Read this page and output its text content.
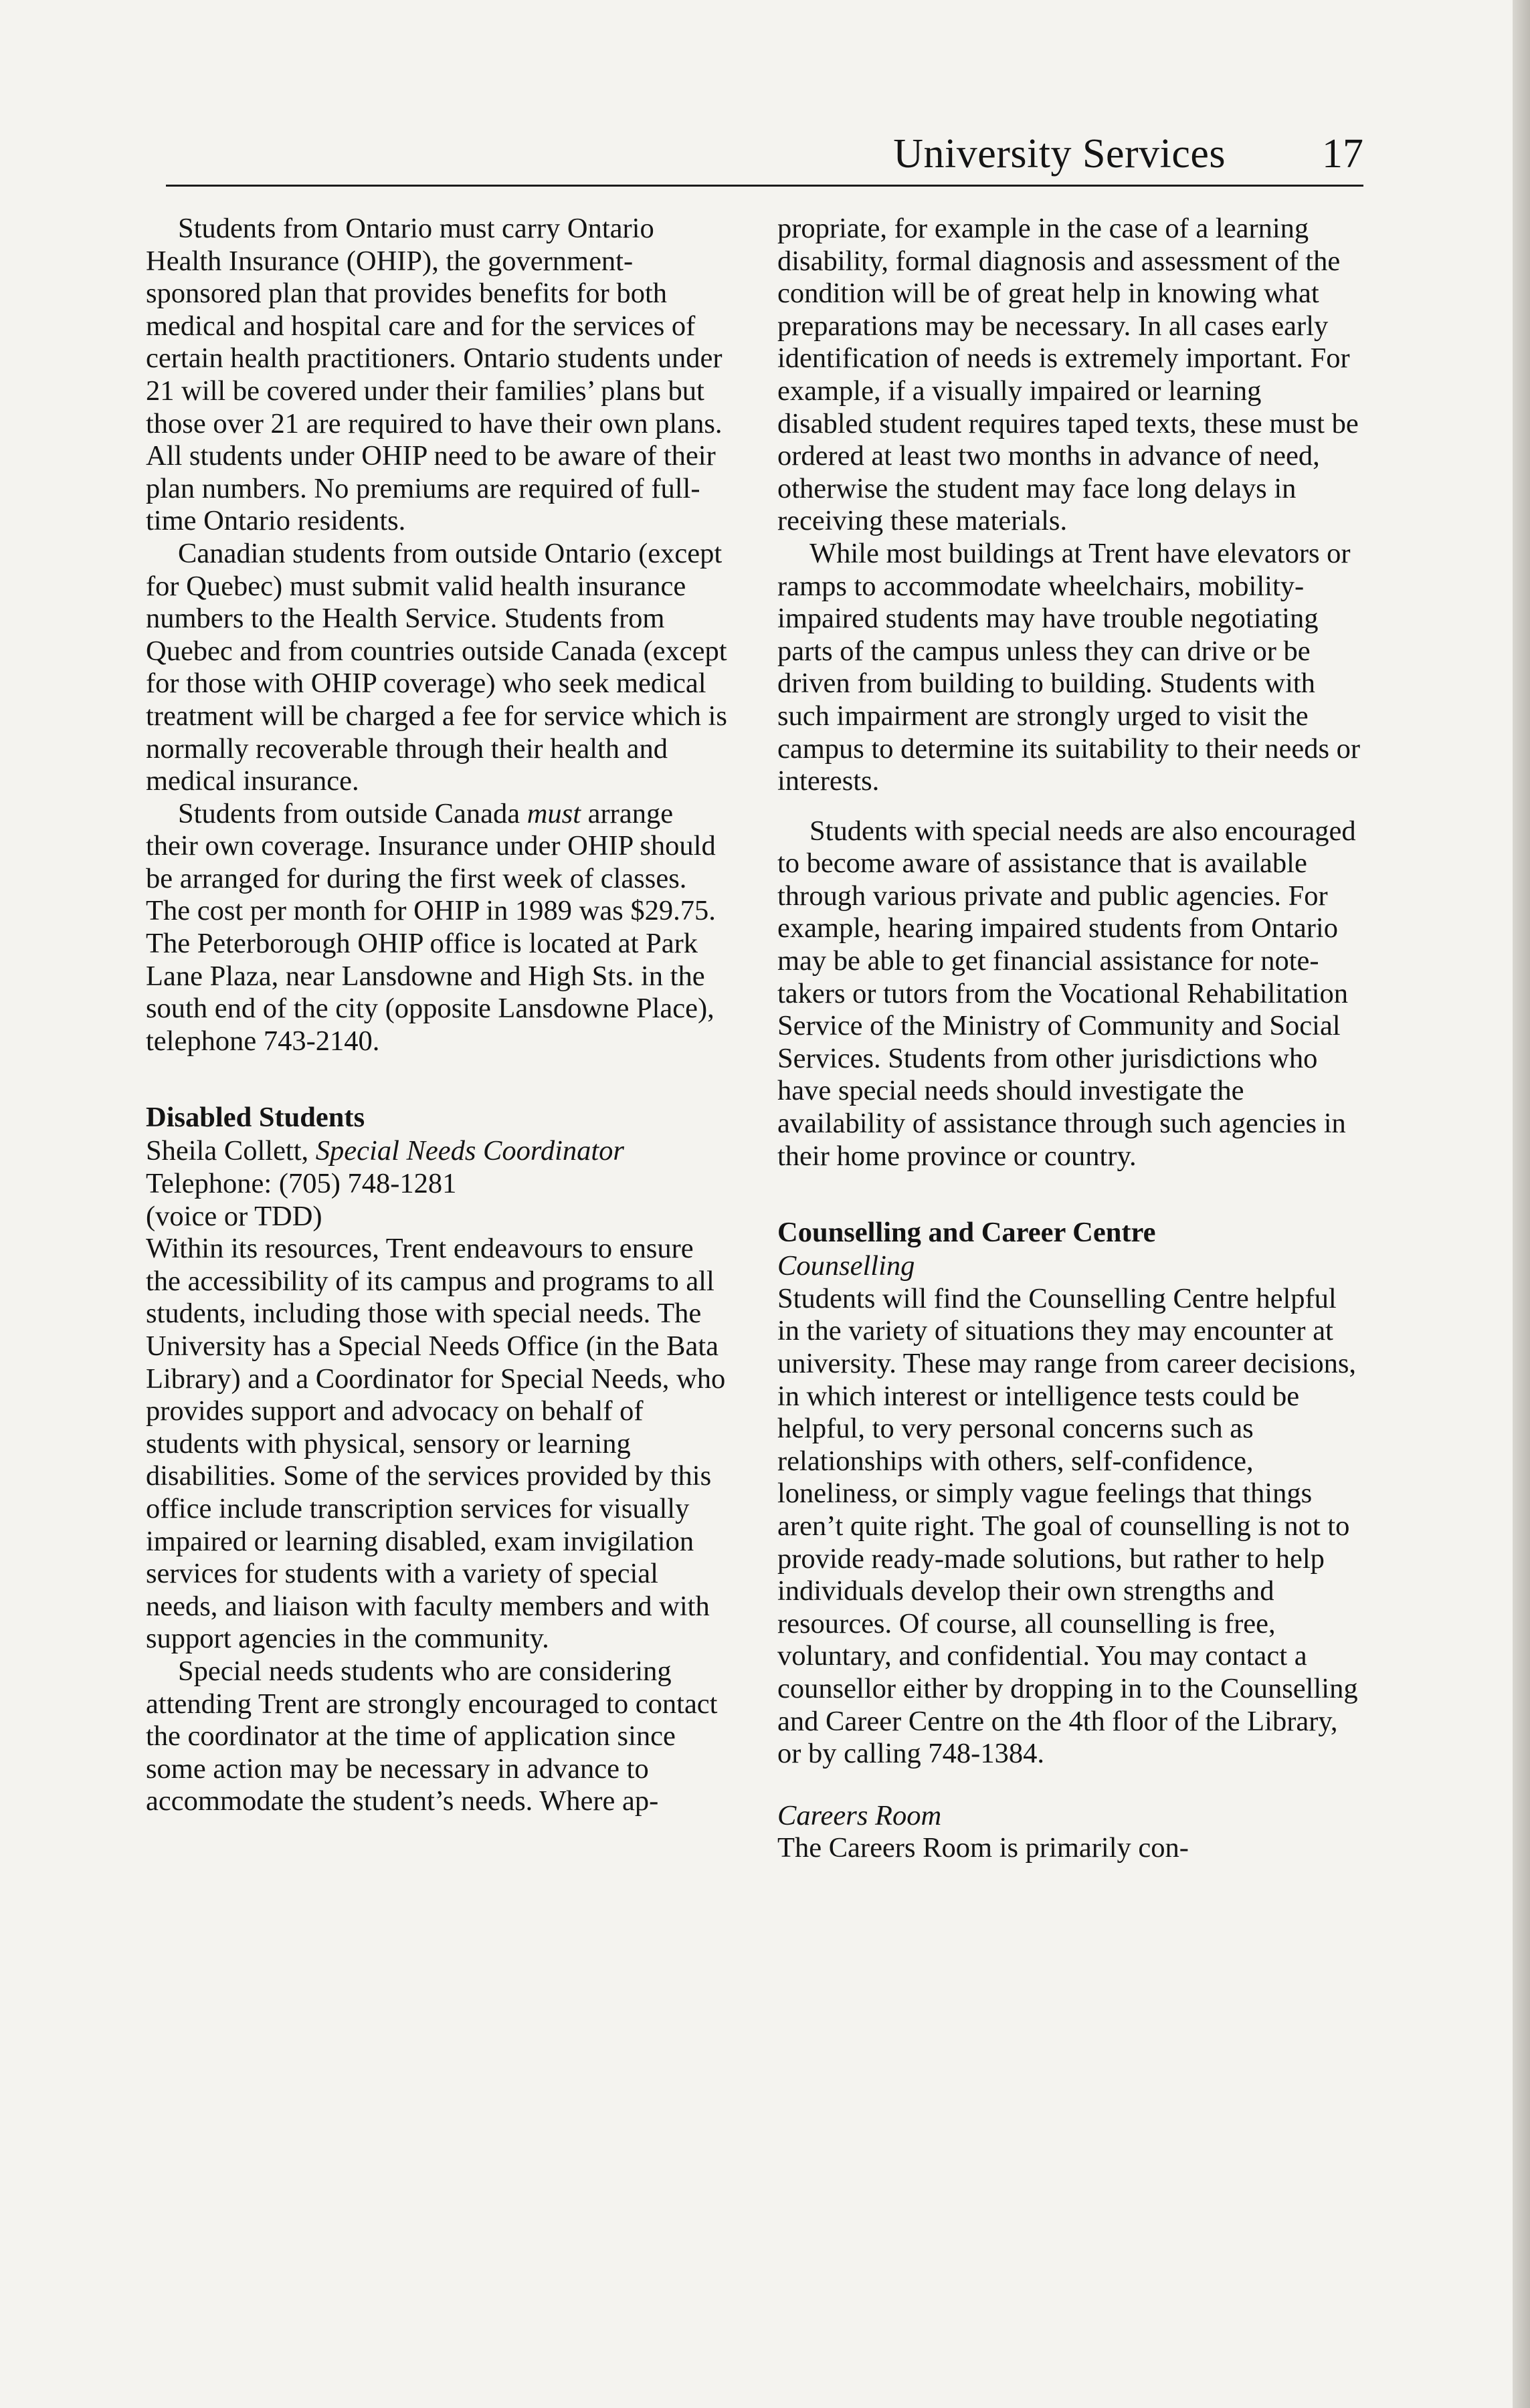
University Services 17

Students from Ontario must carry Ontario Health Insurance (OHIP), the government-sponsored plan that provides benefits for both medical and hospital care and for the services of certain health practitioners. Ontario students under 21 will be covered under their families’ plans but those over 21 are required to have their own plans. All students under OHIP need to be aware of their plan numbers. No premiums are required of full-time Ontario residents.

Canadian students from outside Ontario (except for Quebec) must submit valid health insurance numbers to the Health Service. Students from Quebec and from countries outside Canada (except for those with OHIP coverage) who seek medical treatment will be charged a fee for service which is normally recoverable through their health and medical insurance.

Students from outside Canada must arrange their own coverage. Insurance under OHIP should be arranged for during the first week of classes. The cost per month for OHIP in 1989 was $29.75. The Peterborough OHIP office is located at Park Lane Plaza, near Lansdowne and High Sts. in the south end of the city (opposite Lansdowne Place), telephone 743-2140.

Disabled Students

Sheila Collett, Special Needs Coordinator

Telephone: (705) 748-1281

(voice or TDD)

Within its resources, Trent endeavours to ensure the accessibility of its campus and programs to all students, including those with special needs. The University has a Special Needs Office (in the Bata Library) and a Coordinator for Special Needs, who provides support and advocacy on behalf of students with physical, sensory or learning disabilities. Some of the services provided by this office include transcription services for visually impaired or learning disabled, exam invigilation services for students with a variety of special needs, and liaison with faculty members and with support agencies in the community.

Special needs students who are considering attending Trent are strongly encouraged to contact the coordinator at the time of application since some action may be necessary in advance to accommodate the student’s needs. Where ap-

propriate, for example in the case of a learning disability, formal diagnosis and assessment of the condition will be of great help in knowing what preparations may be necessary. In all cases early identification of needs is extremely important. For example, if a visually impaired or learning disabled student requires taped texts, these must be ordered at least two months in advance of need, otherwise the student may face long delays in receiving these materials.

While most buildings at Trent have elevators or ramps to accommodate wheelchairs, mobility-impaired students may have trouble negotiating parts of the campus unless they can drive or be driven from building to building. Students with such impairment are strongly urged to visit the campus to determine its suitability to their needs or interests.

Students with special needs are also encouraged to become aware of assistance that is available through various private and public agencies. For example, hearing impaired students from Ontario may be able to get financial assistance for note-takers or tutors from the Vocational Rehabilitation Service of the Ministry of Community and Social Services. Students from other jurisdictions who have special needs should investigate the availability of assistance through such agencies in their home province or country.

Counselling and Career Centre

Counselling

Students will find the Counselling Centre helpful in the variety of situations they may encounter at university. These may range from career decisions, in which interest or intelligence tests could be helpful, to very personal concerns such as relationships with others, self-confidence, loneliness, or simply vague feelings that things aren’t quite right. The goal of counselling is not to provide ready-made solutions, but rather to help individuals develop their own strengths and resources. Of course, all counselling is free, voluntary, and confidential. You may contact a counsellor either by dropping in to the Counselling and Career Centre on the 4th floor of the Library, or by calling 748-1384.

Careers Room

The Careers Room is primarily con-
